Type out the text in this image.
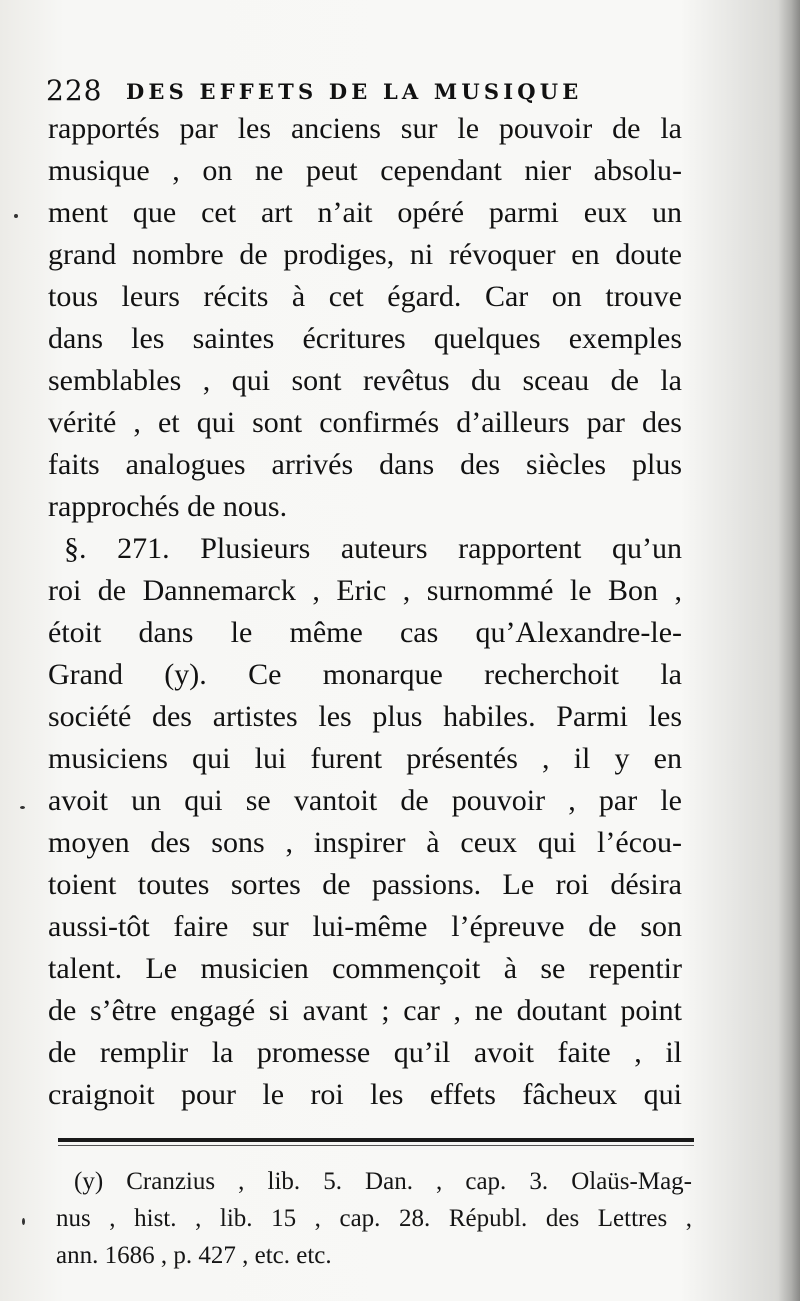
228 DES EFFETS DE LA MUSIQUE
rapportés par les anciens sur le pouvoir de la
musique , on ne peut cependant nier absolu-
ment que cet art n’ait opéré parmi eux un
grand nombre de prodiges, ni révoquer en doute
tous leurs récits à cet égard. Car on trouve
dans les saintes écritures quelques exemples
semblables , qui sont revêtus du sceau de la
vérité , et qui sont confirmés d’ailleurs par des
faits analogues arrivés dans des siècles plus
rapprochés de nous.
§. 271. Plusieurs auteurs rapportent qu’un
roi de Dannemarck , Eric , surnommé le Bon ,
étoit dans le même cas qu’Alexandre-le-
Grand (y). Ce monarque recherchoit la
société des artistes les plus habiles. Parmi les
musiciens qui lui furent présentés , il y en
avoit un qui se vantoit de pouvoir , par le
moyen des sons , inspirer à ceux qui l’écou-
toient toutes sortes de passions. Le roi désira
aussi-tôt faire sur lui-même l’épreuve de son
talent. Le musicien commençoit à se repentir
de s’être engagé si avant ; car , ne doutant point
de remplir la promesse qu’il avoit faite , il
craignoit pour le roi les effets fâcheux qui
(y) Cranzius , lib. 5. Dan. , cap. 3. Olaüs-Mag-
nus , hist. , lib. 15 , cap. 28. Républ. des Lettres ,
ann. 1686 , p. 427 , etc. etc.
